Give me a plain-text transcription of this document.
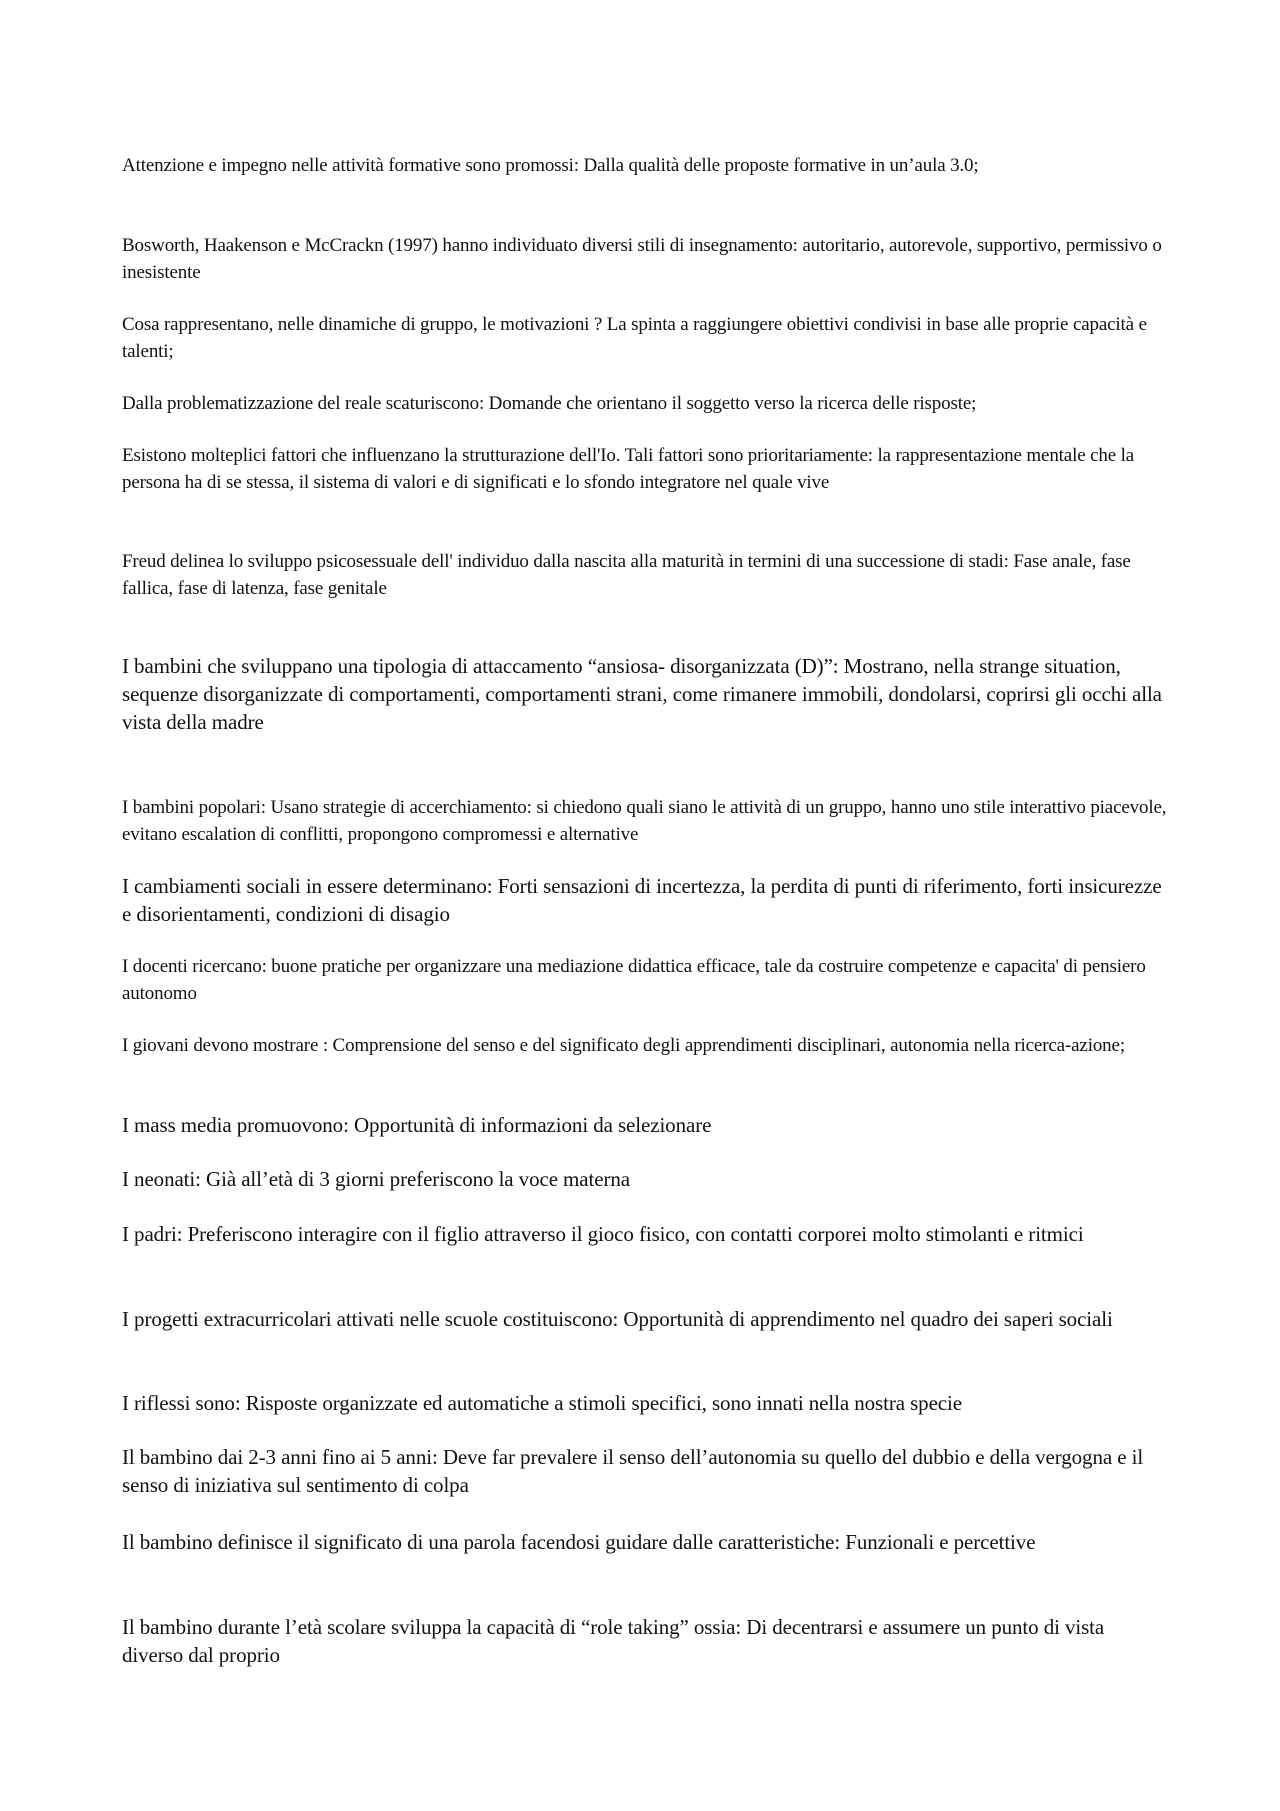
Attenzione e impegno nelle attività formative sono promossi: Dalla qualità delle proposte formative in un’aula 3.0;

Bosworth, Haakenson e McCrackn (1997) hanno individuato diversi stili di insegnamento: autoritario, autorevole, supportivo, permissivo o inesistente

Cosa rappresentano, nelle dinamiche di gruppo, le motivazioni ? La spinta a raggiungere obiettivi condivisi in base alle proprie capacità e talenti;

Dalla problematizzazione del reale scaturiscono: Domande che orientano il soggetto verso la ricerca delle risposte;

Esistono molteplici fattori che influenzano la strutturazione dell'Io. Tali fattori sono prioritariamente: la rappresentazione mentale che la persona ha di se stessa, il sistema di valori e di significati e lo sfondo integratore nel quale vive

Freud delinea lo sviluppo psicosessuale dell' individuo dalla nascita alla maturità in termini di una successione di stadi: Fase anale, fase fallica, fase di latenza, fase genitale

I bambini che sviluppano una tipologia di attaccamento “ansiosa- disorganizzata (D)”: Mostrano, nella strange situation, sequenze disorganizzate di comportamenti, comportamenti strani, come rimanere immobili, dondolarsi, coprirsi gli occhi alla vista della madre

I bambini popolari: Usano strategie di accerchiamento: si chiedono quali siano le attività di un gruppo, hanno uno stile interattivo piacevole, evitano escalation di conflitti, propongono compromessi e alternative

I cambiamenti sociali in essere determinano: Forti sensazioni di incertezza, la perdita di punti di riferimento, forti insicurezze e disorientamenti, condizioni di disagio

I docenti ricercano: buone pratiche per organizzare una mediazione didattica efficace, tale da costruire competenze e capacita' di pensiero autonomo

I giovani devono mostrare : Comprensione del senso e del significato degli apprendimenti disciplinari, autonomia nella ricerca-azione;

I mass media promuovono: Opportunità di informazioni da selezionare

I neonati: Già all’età di 3 giorni preferiscono la voce materna

I padri: Preferiscono interagire con il figlio attraverso il gioco fisico, con contatti corporei molto stimolanti e ritmici

I progetti extracurricolari attivati nelle scuole costituiscono: Opportunità di apprendimento nel quadro dei saperi sociali

I riflessi sono: Risposte organizzate ed automatiche a stimoli specifici, sono innati nella nostra specie

Il bambino dai 2-3 anni fino ai 5 anni: Deve far prevalere il senso dell’autonomia su quello del dubbio e della vergogna e il senso di iniziativa sul sentimento di colpa

Il bambino definisce il significato di una parola facendosi guidare dalle caratteristiche: Funzionali e percettive

Il bambino durante l’età scolare sviluppa la capacità di “role taking” ossia: Di decentrarsi e assumere un punto di vista diverso dal proprio
